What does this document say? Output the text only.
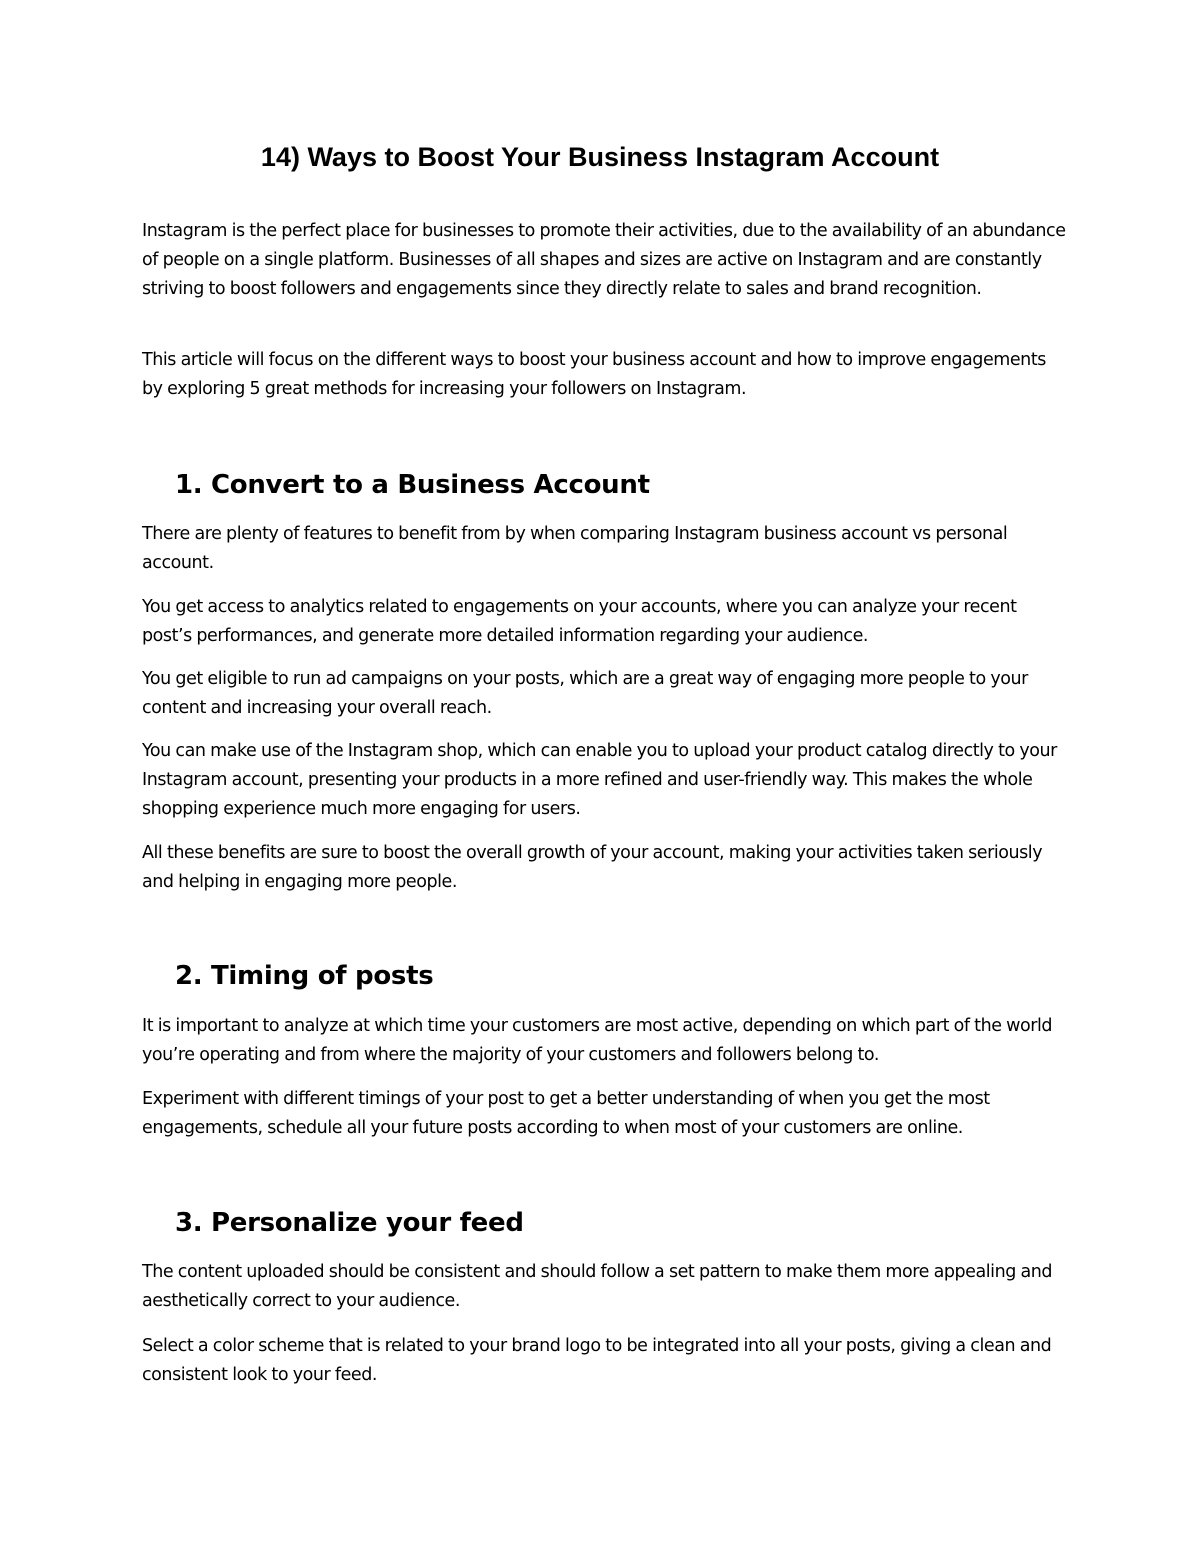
14) Ways to Boost Your Business Instagram Account

Instagram is the perfect place for businesses to promote their activities, due to the availability of an abundance of people on a single platform. Businesses of all shapes and sizes are active on Instagram and are constantly striving to boost followers and engagements since they directly relate to sales and brand recognition.

This article will focus on the different ways to boost your business account and how to improve engagements by exploring 5 great methods for increasing your followers on Instagram.

1. Convert to a Business Account

There are plenty of features to benefit from by when comparing Instagram business account vs personal account.

You get access to analytics related to engagements on your accounts, where you can analyze your recent post’s performances, and generate more detailed information regarding your audience.

You get eligible to run ad campaigns on your posts, which are a great way of engaging more people to your content and increasing your overall reach.

You can make use of the Instagram shop, which can enable you to upload your product catalog directly to your Instagram account, presenting your products in a more refined and user-friendly way. This makes the whole shopping experience much more engaging for users.

All these benefits are sure to boost the overall growth of your account, making your activities taken seriously and helping in engaging more people.

2. Timing of posts

It is important to analyze at which time your customers are most active, depending on which part of the world you’re operating and from where the majority of your customers and followers belong to.

Experiment with different timings of your post to get a better understanding of when you get the most engagements, schedule all your future posts according to when most of your customers are online.

3. Personalize your feed

The content uploaded should be consistent and should follow a set pattern to make them more appealing and aesthetically correct to your audience.

Select a color scheme that is related to your brand logo to be integrated into all your posts, giving a clean and consistent look to your feed.
